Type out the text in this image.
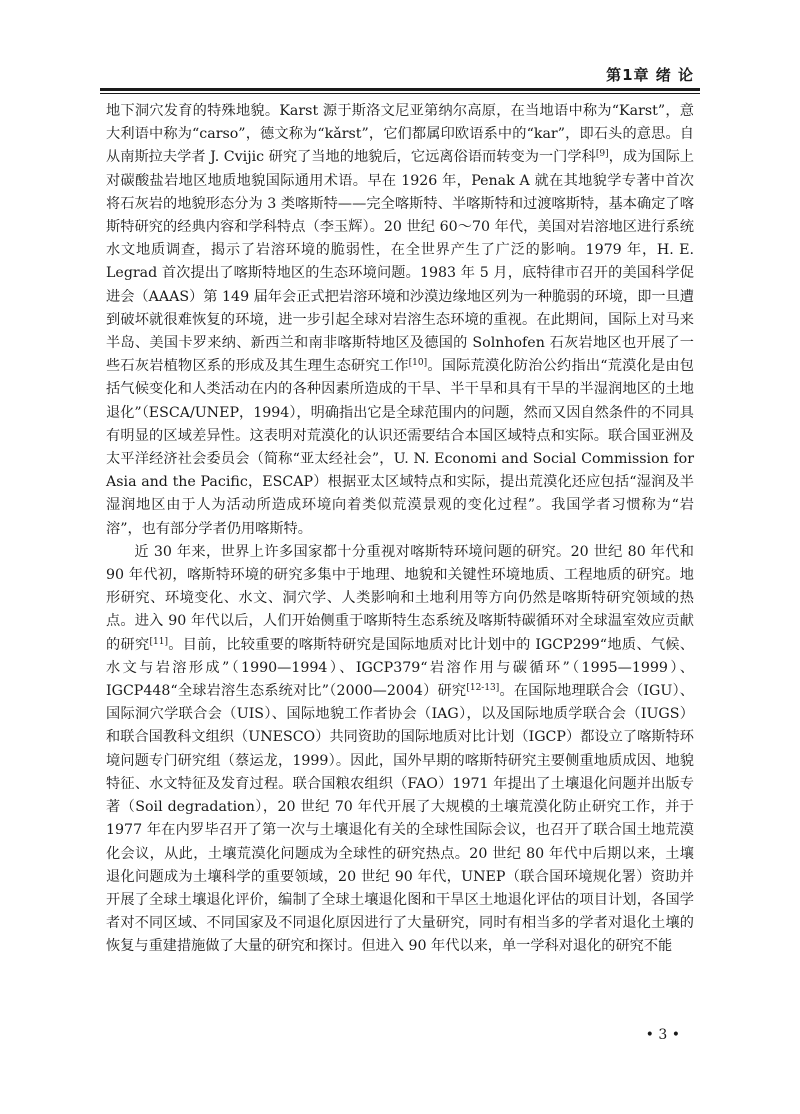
第1章 绪 论

地下洞穴发育的特殊地貌。Karst 源于斯洛文尼亚第纳尔高原，在当地语中称为“Karst”，意大利语中称为“carso”，德文称为“kǎrst”，它们都属印欧语系中的“kar”，即石头的意思。自从南斯拉夫学者 J. Cvijic 研究了当地的地貌后，它远离俗语而转变为一门学科[9]，成为国际上对碳酸盐岩地区地质地貌国际通用术语。早在 1926 年，Penak A 就在其地貌学专著中首次将石灰岩的地貌形态分为 3 类喀斯特——完全喀斯特、半喀斯特和过渡喀斯特，基本确定了喀斯特研究的经典内容和学科特点（李玉辉）。20 世纪 60～70 年代，美国对岩溶地区进行系统水文地质调查，揭示了岩溶环境的脆弱性，在全世界产生了广泛的影响。1979 年，H. E. Legrad 首次提出了喀斯特地区的生态环境问题。1983 年 5 月，底特律市召开的美国科学促进会（AAAS）第 149 届年会正式把岩溶环境和沙漠边缘地区列为一种脆弱的环境，即一旦遭到破坏就很难恢复的环境，进一步引起全球对岩溶生态环境的重视。在此期间，国际上对马来半岛、美国卡罗来纳、新西兰和南非喀斯特地区及德国的 Solnhofen 石灰岩地区也开展了一些石灰岩植物区系的形成及其生理生态研究工作[10]。国际荒漠化防治公约指出“荒漠化是由包括气候变化和人类活动在内的各种因素所造成的干旱、半干旱和具有干旱的半湿润地区的土地退化”（ESCA/UNEP，1994），明确指出它是全球范围内的问题，然而又因自然条件的不同具有明显的区域差异性。这表明对荒漠化的认识还需要结合本国区域特点和实际。联合国亚洲及太平洋经济社会委员会（简称“亚太经社会”，U. N. Economi and Social Commission for Asia and the Pacific，ESCAP）根据亚太区域特点和实际，提出荒漠化还应包括“湿润及半湿润地区由于人为活动所造成环境向着类似荒漠景观的变化过程”。我国学者习惯称为“岩溶”，也有部分学者仍用喀斯特。

近 30 年来，世界上许多国家都十分重视对喀斯特环境问题的研究。20 世纪 80 年代和 90 年代初，喀斯特环境的研究多集中于地理、地貌和关键性环境地质、工程地质的研究。地形研究、环境变化、水文、洞穴学、人类影响和土地利用等方向仍然是喀斯特研究领域的热点。进入 90 年代以后，人们开始侧重于喀斯特生态系统及喀斯特碳循环对全球温室效应贡献的研究[11]。目前，比较重要的喀斯特研究是国际地质对比计划中的 IGCP299“地质、气候、水文与岩溶形成”（1990—1994）、IGCP379“岩溶作用与碳循环”（1995—1999）、IGCP448“全球岩溶生态系统对比”（2000—2004）研究[12-13]。在国际地理联合会（IGU）、国际洞穴学联合会（UIS）、国际地貌工作者协会（IAG），以及国际地质学联合会（IUGS）和联合国教科文组织（UNESCO）共同资助的国际地质对比计划（IGCP）都设立了喀斯特环境问题专门研究组（蔡运龙，1999）。因此，国外早期的喀斯特研究主要侧重地质成因、地貌特征、水文特征及发育过程。联合国粮农组织（FAO）1971 年提出了土壤退化问题并出版专著（Soil degradation），20 世纪 70 年代开展了大规模的土壤荒漠化防止研究工作，并于 1977 年在内罗毕召开了第一次与土壤退化有关的全球性国际会议，也召开了联合国土地荒漠化会议，从此，土壤荒漠化问题成为全球性的研究热点。20 世纪 80 年代中后期以来，土壤退化问题成为土壤科学的重要领域，20 世纪 90 年代，UNEP（联合国环境规化署）资助并开展了全球土壤退化评价，编制了全球土壤退化图和干旱区土地退化评估的项目计划，各国学者对不同区域、不同国家及不同退化原因进行了大量研究，同时有相当多的学者对退化土壤的恢复与重建措施做了大量的研究和探讨。但进入 90 年代以来，单一学科对退化的研究不能

• 3 •
